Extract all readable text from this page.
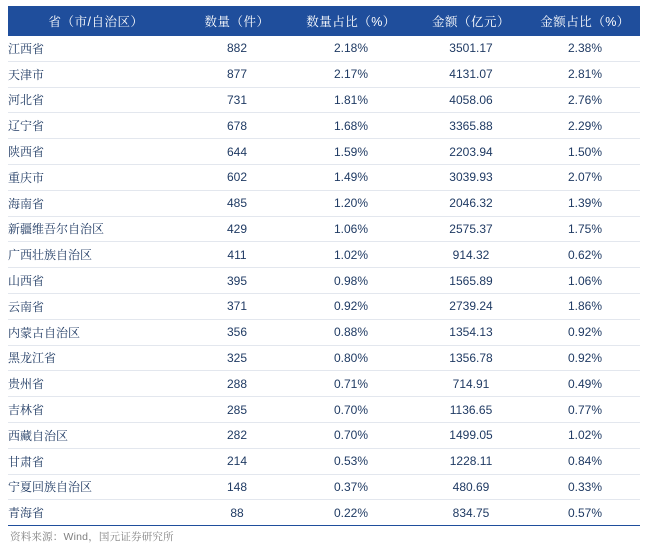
省（市/自治区）	数量（件）	数量占比（%）	金额（亿元）	金额占比（%）
江西省	882	2.18%	3501.17	2.38%
天津市	877	2.17%	4131.07	2.81%
河北省	731	1.81%	4058.06	2.76%
辽宁省	678	1.68%	3365.88	2.29%
陕西省	644	1.59%	2203.94	1.50%
重庆市	602	1.49%	3039.93	2.07%
海南省	485	1.20%	2046.32	1.39%
新疆维吾尔自治区	429	1.06%	2575.37	1.75%
广西壮族自治区	411	1.02%	914.32	0.62%
山西省	395	0.98%	1565.89	1.06%
云南省	371	0.92%	2739.24	1.86%
内蒙古自治区	356	0.88%	1354.13	0.92%
黑龙江省	325	0.80%	1356.78	0.92%
贵州省	288	0.71%	714.91	0.49%
吉林省	285	0.70%	1136.65	0.77%
西藏自治区	282	0.70%	1499.05	1.02%
甘肃省	214	0.53%	1228.11	0.84%
宁夏回族自治区	148	0.37%	480.69	0.33%
青海省	88	0.22%	834.75	0.57%
资料来源：Wind，国元证券研究所
